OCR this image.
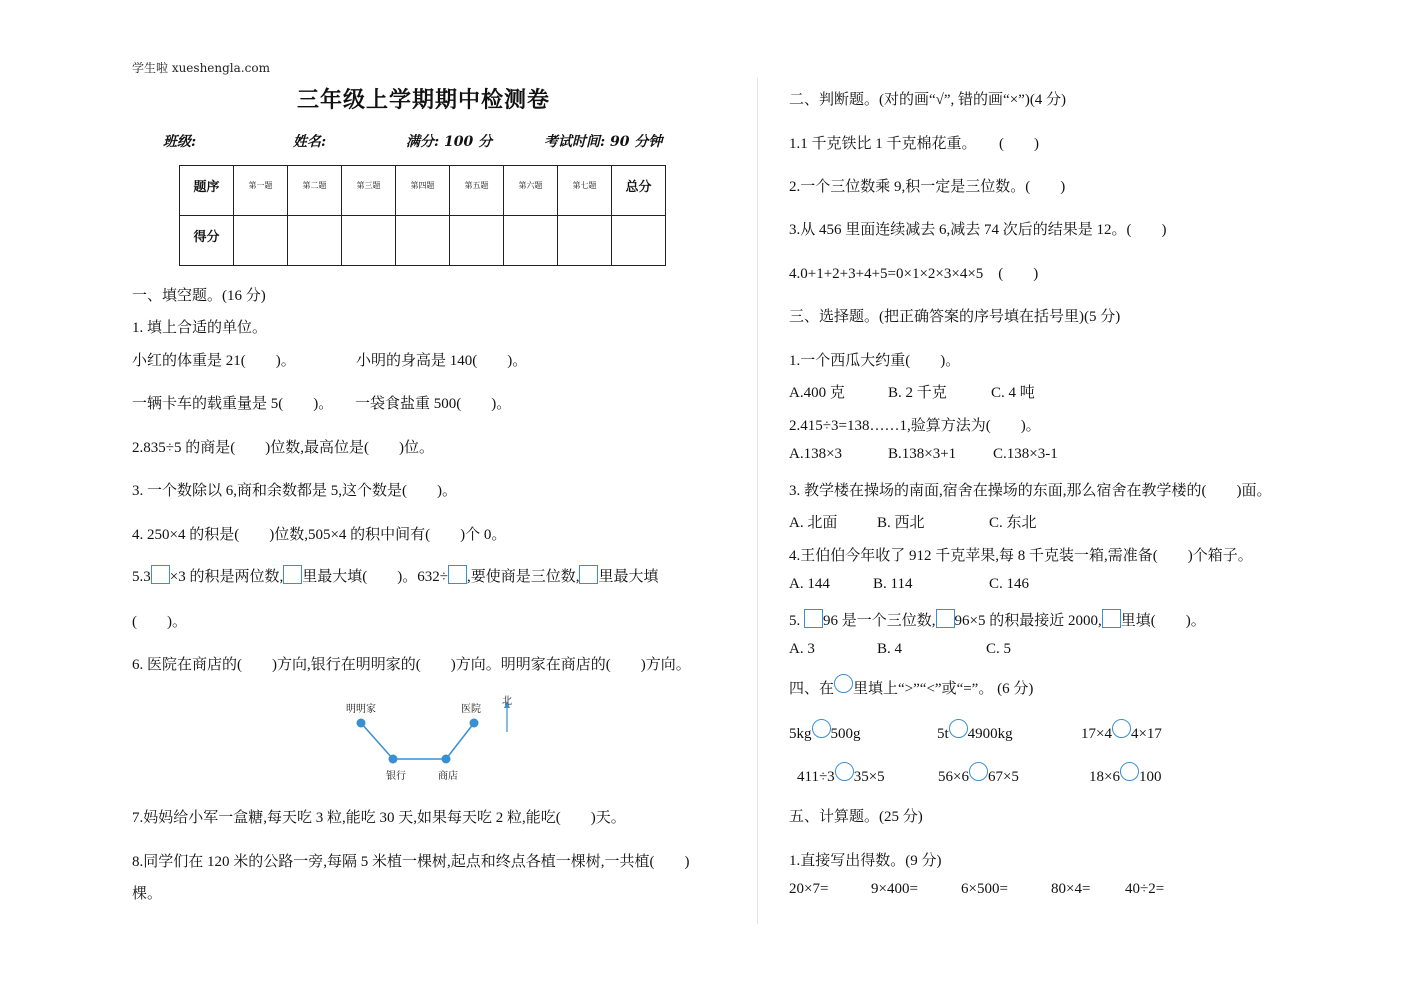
学生啦 xueshengla.com
三年级上学期期中检测卷
班级:	姓名:	满分: 100 分	考试时间: 90 分钟
题序	第一题	第二题	第三题	第四题	第五题	第六题	第七题	总分

得分								

一、填空题。(16 分)
1. 填上合适的单位。
小红的体重是 21(　　)。	小明的身高是 140(　　)。
一辆卡车的载重量是 5(　　)。 一袋食盐重 500(　　)。
2.835÷5 的商是(　　)位数,最高位是(　　)位。
3. 一个数除以 6,商和余数都是 5,这个数是(　　)。
4. 250×4 的积是(　　)位数,505×4 的积中间有(　　)个 0。
5.3 ×3 的积是两位数, 里最大填(　　)。632÷ ,要使商是三位数, 里最大填
(　　)。
6. 医院在商店的(　　)方向,银行在明明家的(　　)方向。明明家在商店的(　　)方向。
明明家	医院
北
银行	商店
7.妈妈给小军一盒糖,每天吃 3 粒,能吃 30 天,如果每天吃 2 粒,能吃(　　)天。
8.同学们在 120 米的公路一旁,每隔 5 米植一棵树,起点和终点各植一棵树,一共植(　　)
棵。
二、判断题。(对的画“√”, 错的画“×”)(4 分)
1.1 千克铁比 1 千克棉花重。　　(　　)
2.一个三位数乘 9,积一定是三位数。(　　)
3.从 456 里面连续减去 6,减去 74 次后的结果是 12。(　　)
4.0+1+2+3+4+5=0×1×2×3×4×5　(　　)
三、选择题。(把正确答案的序号填在括号里)(5 分)
1.一个西瓜大约重(　　)。
A.400 克	B. 2 千克	C. 4 吨
2.415÷3=138……1,验算方法为(　　)。
A.138×3	B.138×3+1 C.138×3-1
3. 教学楼在操场的南面,宿舍在操场的东面,那么宿舍在教学楼的(　　)面。
A. 北面	B. 西北	C. 东北
4.王伯伯今年收了 912 千克苹果,每 8 千克装一箱,需准备(　　)个箱子。
A. 144	B. 114	C. 146
5. 96 是一个三位数, 96×5 的积最接近 2000, 里填(　　)。
A. 3	B. 4	C. 5
四、在 里填上“>”“<”或“=”。 (6 分)
5kg 500g	5t 4900kg	17×4 4×17
411÷3 35×5	56×6 67×5	18×6 100
五、计算题。(25 分)
1.直接写出得数。(9 分)
20×7=	9×400=	6×500=	80×4= 40÷2=
